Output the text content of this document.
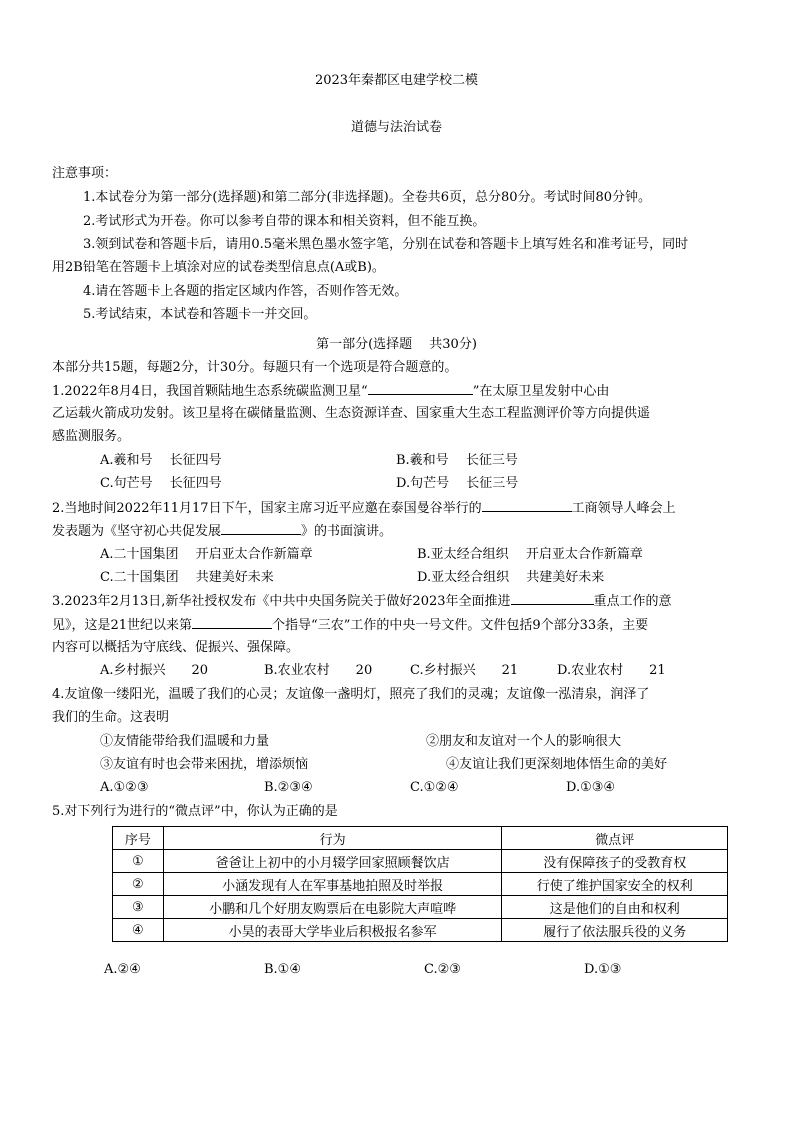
2023年秦都区电建学校二模
道德与法治试卷
注意事项：
1.本试卷分为第一部分(选择题)和第二部分(非选择题)。全卷共6页，总分80分。考试时间80分钟。
2.考试形式为开卷。你可以参考自带的课本和相关资料，但不能互换。
3.领到试卷和答题卡后，请用0.5毫米黑色墨水签字笔，分别在试卷和答题卡上填写姓名和准考证号，同时
用2B铅笔在答题卡上填涂对应的试卷类型信息点(A或B)。
4.请在答题卡上各题的指定区域内作答，否则作答无效。
5.考试结束，本试卷和答题卡一并交回。
第一部分(选择题　 共30分)
本部分共15题，每题2分，计30分。每题只有一个选项是符合题意的。
1.2022年8月4日，我国首颗陆地生态系统碳监测卫星“	”在太原卫星发射中心由
乙运载火箭成功发射。该卫星将在碳储量监测、生态资源详查、国家重大生态工程监测评价等方向提供遥
感监测服务。
A.羲和号　 长征四号	B.羲和号　 长征三号
C.句芒号　 长征四号	D.句芒号　 长征三号
2.当地时间2022年11月17日下午，国家主席习近平应邀在泰国曼谷举行的	工商领导人峰会上
发表题为《坚守初心共促发展	》的书面演讲。
A.二十国集团　 开启亚太合作新篇章	B.亚太经合组织　 开启亚太合作新篇章
C.二十国集团　 共建美好未来	D.亚太经合组织　 共建美好未来
3.2023年2月13日,新华社授权发布《中共中央国务院关于做好2023年全面推进	重点工作的意
见》，这是21世纪以来第	个指导“三农”工作的中央一号文件。文件包括9个部分33条，主要
内容可以概括为守底线、促振兴、强保障。
A.乡村振兴　　20	B.农业农村　　20	C.乡村振兴　　21	D.农业农村　　21
4.友谊像一缕阳光，温暖了我们的心灵；友谊像一盏明灯，照亮了我们的灵魂；友谊像一泓清泉，润泽了
我们的生命。这表明
①友情能带给我们温暖和力量	②朋友和友谊对一个人的影响很大
③友谊有时也会带来困扰，增添烦恼	④友谊让我们更深刻地体悟生命的美好
A.①②③	B.②③④	C.①②④	D.①③④
5.对下列行为进行的“微点评”中，你认为正确的是
序号	行为	微点评
①	爸爸让上初中的小月辍学回家照顾餐饮店	没有保障孩子的受教育权
②	小涵发现有人在军事基地拍照及时举报	行使了维护国家安全的权利
③	小鹏和几个好朋友购票后在电影院大声喧哗	这是他们的自由和权利
④	小昊的表哥大学毕业后积极报名参军	履行了依法服兵役的义务
A.②④	B.①④	C.②③	D.①③
